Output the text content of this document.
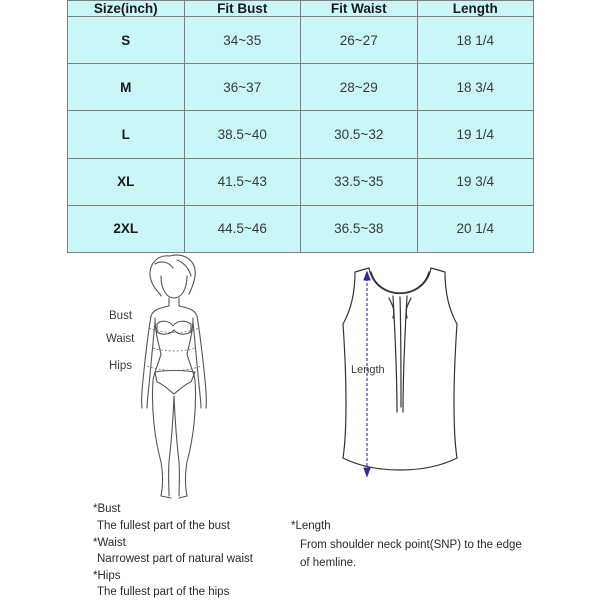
Size(inch)	Fit Bust	Fit Waist	Length
S	34~35	26~27	18 1/4
M	36~37	28~29	18 3/4
L	38.5~40	30.5~32	19 1/4
XL	41.5~43	33.5~35	19 3/4
2XL	44.5~46	36.5~38	20 1/4
Bust
Waist
Hips	Length
*Bust
The fullest part of the bust
*Waist
Narrowest part of natural waist
*Hips
The fullest part of the hips
*Length
From shoulder neck point(SNP) to the edge
of hemline.
